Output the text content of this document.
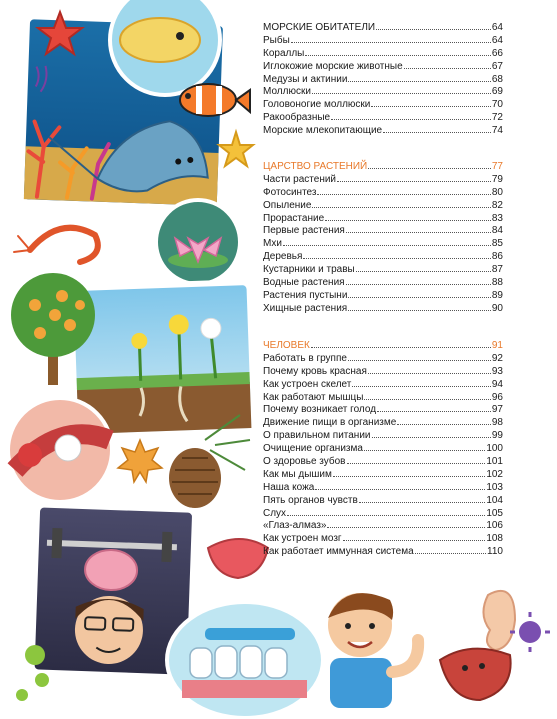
МОРСКИЕ ОБИТАТЕЛИ	64
Рыбы	64
Кораллы	66
Иглокожие морские животные	67
Медузы и актинии	68
Моллюски	69
Головоногие моллюски	70
Ракообразные	72
Морские млекопитающие	74
ЦАРСТВО РАСТЕНИЙ	77
Части растений	79
Фотосинтез	80
Опыление	82
Прорастание	83
Первые растения	84
Мхи	85
Деревья	86
Кустарники и травы	87
Водные растения	88
Растения пустыни	89
Хищные растения	90
ЧЕЛОВЕК	91
Работать в группе	92
Почему кровь красная	93
Как устроен скелет	94
Как работают мышцы	96
Почему возникает голод	97
Движение пищи в организме	98
О правильном питании	99
Очищение организма	100
О здоровье зубов	101
Как мы дышим	102
Наша кожа	103
Пять органов чувств	104
Слух	105
«Глаз-алмаз»	106
Как устроен мозг	108
Как работает иммунная система	110
